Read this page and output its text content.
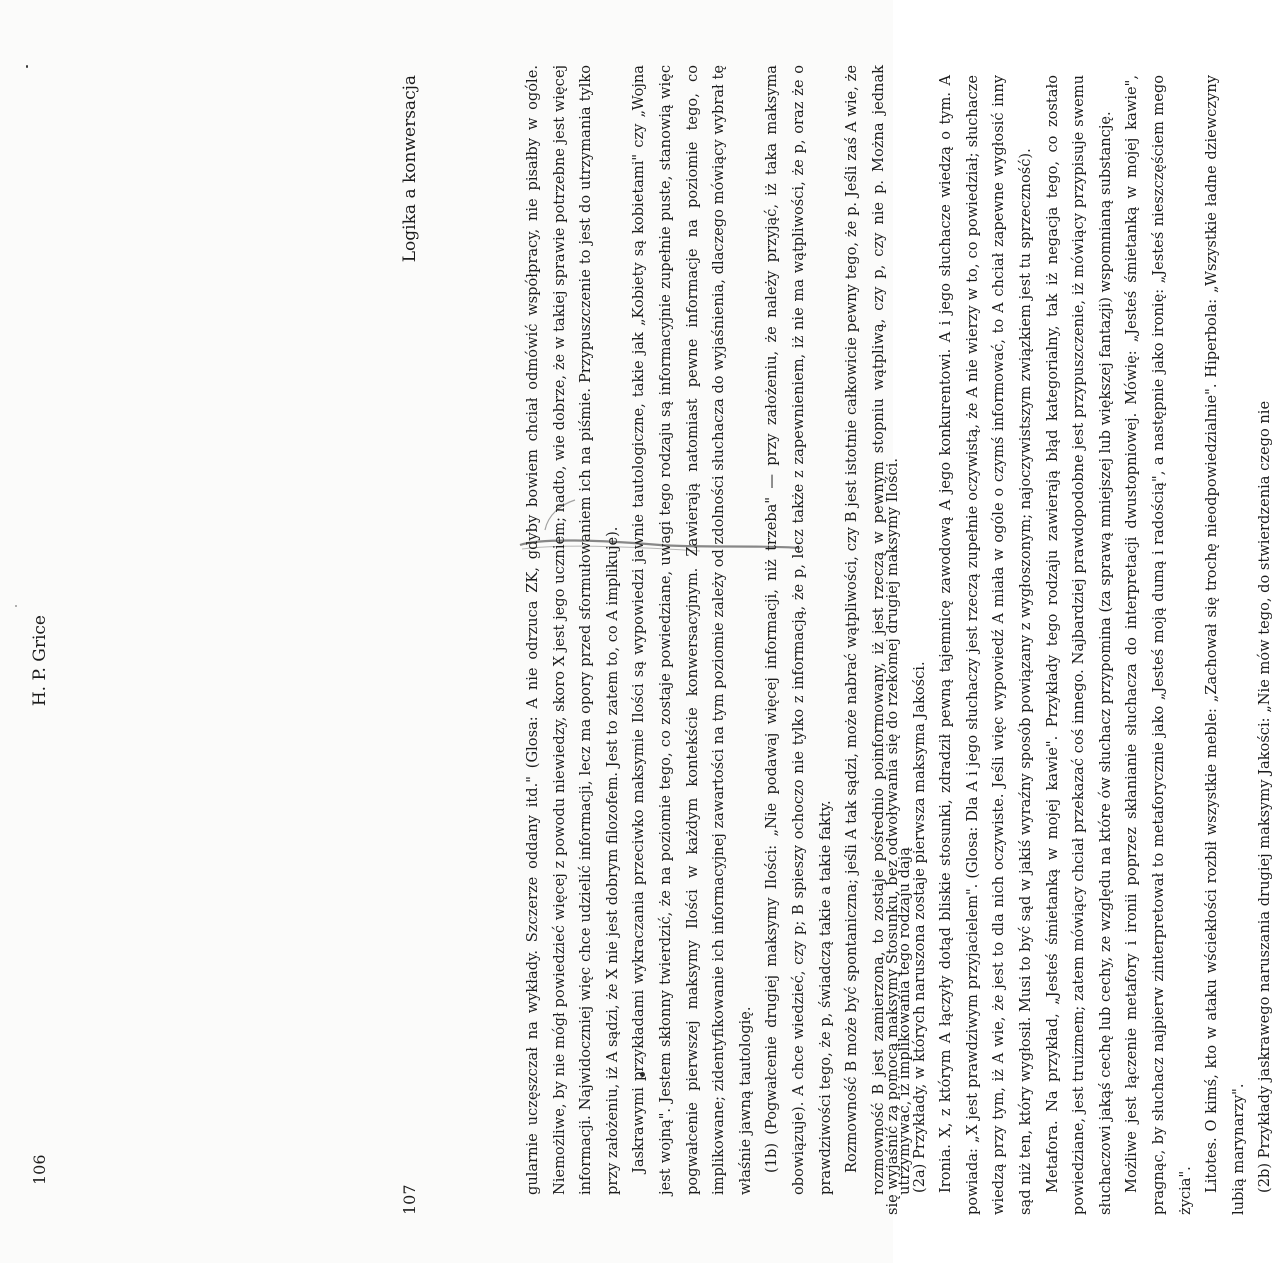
gularnie uczęszczał na wykłady. Szczerze oddany itd." (Glosa: A nie odrzuca ZK, gdyby bowiem chciał odmówić współpracy, nie pisałby w ogóle. Niemożliwe, by nie mógł powiedzieć więcej z powodu niewiedzy, skoro X jest jego uczniem; nadto, wie dobrze, że w takiej sprawie potrzebne jest więcej informacji. Najwidoczniej więc chce udzielić informacji, lecz ma opory przed sformułowaniem ich na piśmie. Przypuszczenie to jest do utrzymania tylko przy założeniu, iż A sądzi, że X nie jest dobrym filozofem. Jest to zatem to, co A implikuje). Jaskrawymi przykładami wykraczania przeciwko maksymie Ilości są wypowiedzi jawnie tautologiczne, takie jak „Kobiety są kobietami" czy „Wojna jest wojną". Jestem skłonny twierdzić, że na poziomie tego, co zostaje powiedziane, uwagi tego rodzaju są informacyjnie zupełnie puste, stanowią więc pogwałcenie pierwszej maksymy Ilości w każdym kontekście konwersacyjnym. Zawierają natomiast pewne informacje na poziomie tego, co implikowane; zidentyfikowanie ich informacyjnej zawartości na tym poziomie zależy od zdolności słuchacza do wyjaśnienia, dlaczego mówiący wybrał tę właśnie jawną tautologię. (1b) (Pogwałcenie drugiej maksymy Ilości: „Nie podawaj więcej informacji, niż trzeba" — przy założeniu, że należy przyjąć, iż taka maksyma obowiązuje). A chce wiedzieć, czy p; B spieszy ochoczo nie tylko z informacją, że p, lecz także z zapewnieniem, iż nie ma wątpliwości, że p, oraz że o prawdziwości tego, że p, świadczą takie a takie fakty. Rozmowność B może być spontaniczna; jeśli A tak sądzi, może nabrać wątpliwości, czy B jest istotnie całkowicie pewny tego, że p. Jeśli zaś A wie, że rozmowność B jest zamierzona, to zostaje pośrednio poinformowany, iż jest rzeczą w pewnym stopniu wątpliwą, czy p, czy nie p. Można jednak utrzymywać, iż implikowania tego rodzaju dają

106
H. P. Grice	się wyjaśnić za pomocą maksymy Stosunku, bez odwoływania się do rzekomej drugiej maksymy Ilości. (2a) Przykłady, w których naruszona zostaje pierwsza maksyma Jakości. Ironia. X, z którym A łączyły dotąd bliskie stosunki, zdradził pewną tajemnicę zawodową A jego konkurentowi. A i jego słuchacze wiedzą o tym. A powiada: „X jest prawdziwym przyjacielem". (Glosa: Dla A i jego słuchaczy jest rzeczą zupełnie oczywistą, że A nie wierzy w to, co powiedział; słuchacze wiedzą przy tym, iż A wie, że jest to dla nich oczywiste. Jeśli więc wypowiedź A miała w ogóle o czymś informować, to A chciał zapewne wygłosić inny sąd niż ten, który wygłosił. Musi to być sąd w jakiś wyraźny sposób powiązany z wygłoszonym; najoczywistszym związkiem jest tu sprzeczność). Metafora. Na przykład, „Jesteś śmietanką w mojej kawie". Przykłady tego rodzaju zawierają błąd kategorialny, tak iż negacja tego, co zostało powiedziane, jest truizmem; zatem mówiący chciał przekazać coś innego. Najbardziej prawdopodobne jest przypuszczenie, iż mówiący przypisuje swemu słuchaczowi jakąś cechę lub cechy, ze względu na które ów słuchacz przypomina (za sprawą mniejszej lub większej fantazji) wspomnianą substancję. Możliwe jest łączenie metafory i ironii poprzez skłanianie słuchacza do interpretacji dwustopniowej. Mówię: „Jesteś śmietanką w mojej kawie", pragnąc, by słuchacz najpierw zinterpretował to metaforycznie jako „Jesteś moją dumą i radością", a następnie jako ironię: „Jesteś nieszczęściem mego życia". Litotes. O kimś, kto w ataku wściekłości rozbił wszystkie meble: „Zachował się trochę nieodpowiedzialnie". Hiperbola: „Wszystkie ładne dziewczyny lubią marynarzy". (2b) Przykłady jaskrawego naruszania drugiej maksymy Jakości: „Nie mów tego, do stwierdzenia czego nie

107
Logika a konwersacja
